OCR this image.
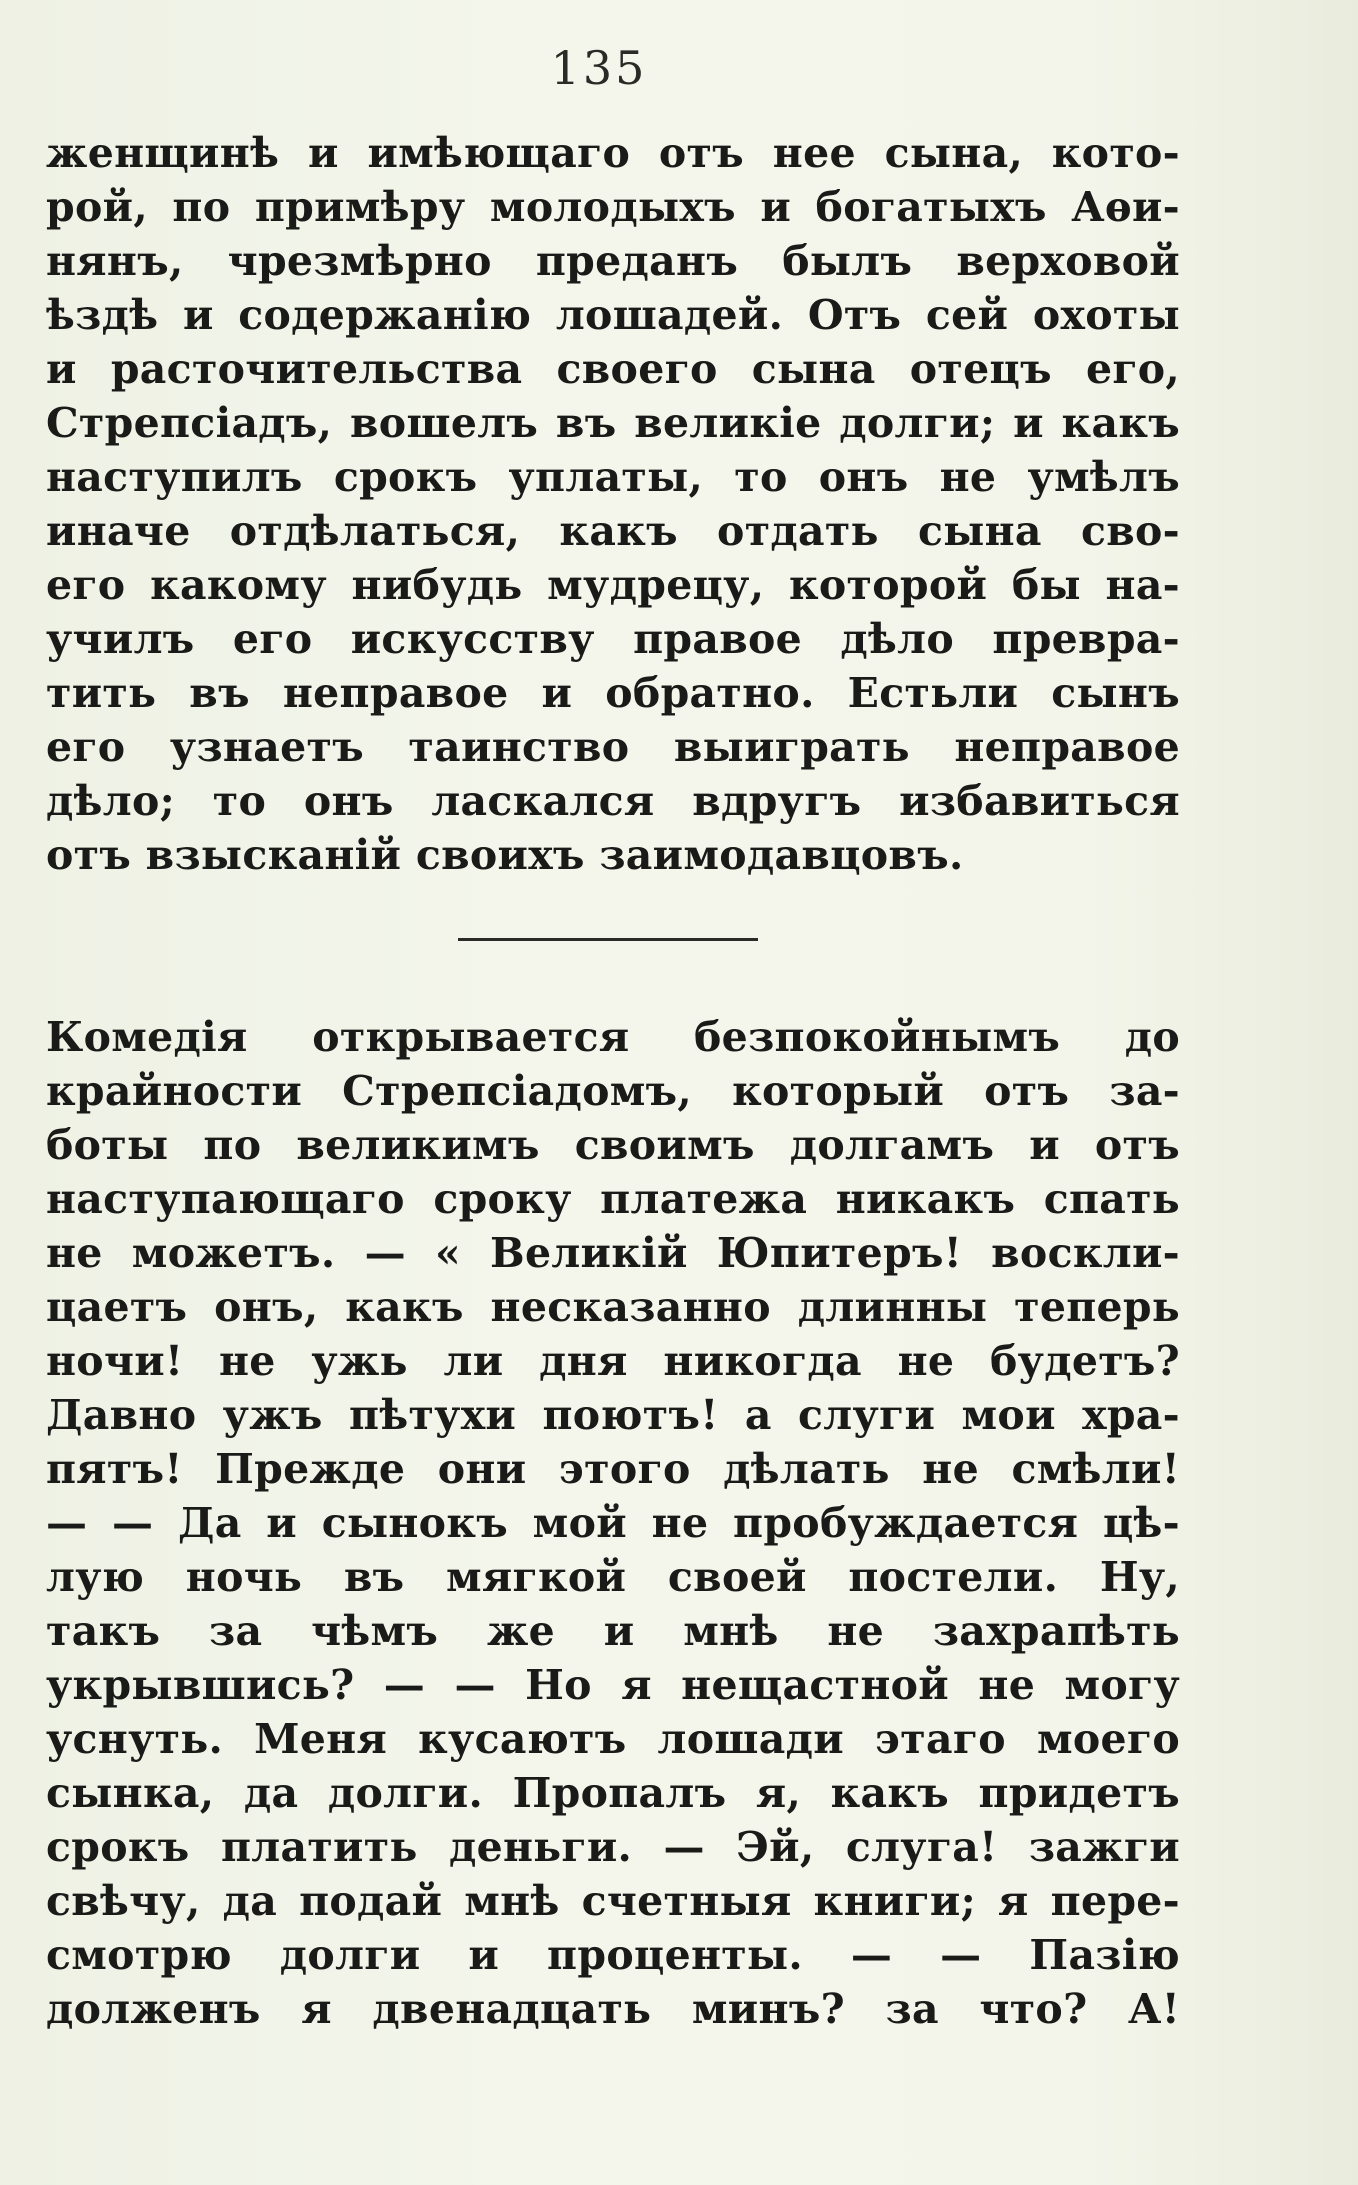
135
женщинѣ и имѣющаго отъ нее сына, кото-
рой, по примѣру молодыхъ и богатыхъ Аѳи-
нянъ, чрезмѣрно преданъ былъ верховой
ѣздѣ и содержанію лошадей. Отъ сей охоты
и расточительства своего сына отецъ его,
Стрепсіадъ, вошелъ въ великіе долги; и какъ
наступилъ срокъ уплаты, то онъ не умѣлъ
иначе отдѣлаться, какъ отдать сына сво-
его какому нибудь мудрецу, которой бы на-
училъ его искусству правое дѣло превра-
тить въ неправое и обратно. Естьли сынъ
его узнаетъ таинство выиграть неправое
дѣло; то онъ ласкался вдругъ избавиться
отъ взысканій своихъ заимодавцовъ.
Комедія открывается безпокойнымъ до
крайности Стрепсіадомъ, который отъ за-
боты по великимъ своимъ долгамъ и отъ
наступающаго сроку платежа никакъ спать
не можетъ. — « Великій Юпитеръ! воскли-
цаетъ онъ, какъ несказанно длинны теперь
ночи! не ужь ли дня никогда не будетъ?
Давно ужъ пѣтухи поютъ! а слуги мои хра-
пятъ! Прежде они этого дѣлать не смѣли!
— — Да и сынокъ мой не пробуждается цѣ-
лую ночь въ мягкой своей постели. Ну,
такъ за чѣмъ же и мнѣ не захрапѣть
укрывшись? — — Но я нещастной не могу
уснуть. Меня кусаютъ лошади этаго моего
сынка, да долги. Пропалъ я, какъ придетъ
срокъ платить деньги. — Эй, слуга! зажги
свѣчу, да подай мнѣ счетныя книги; я пере-
смотрю долги и проценты. — — Пазію
долженъ я двенадцать минъ? за что? А!
